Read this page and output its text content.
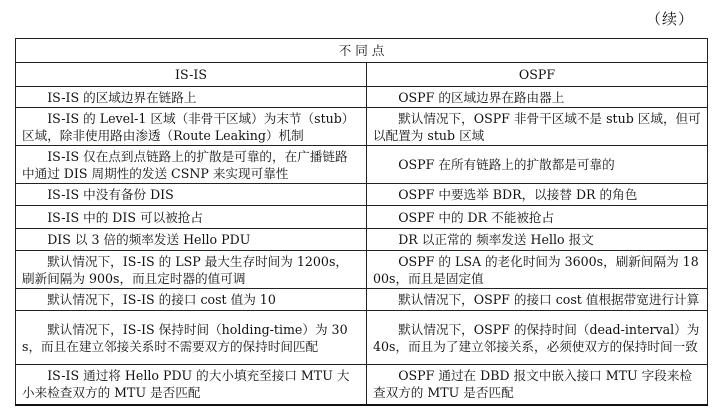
（续）
不 同 点	
IS-IS	OSPF
IS-IS 的区域边界在链路上	OSPF 的区域边界在路由器上
IS-IS 的 Level-1 区域（非骨干区域）为末节（stub）区域，除非使用路由渗透（Route Leaking）机制	默认情况下，OSPF 非骨干区域不是 stub 区域，但可以配置为 stub 区域
IS-IS 仅在点到点链路上的扩散是可靠的，在广播链路中通过 DIS 周期性的发送 CSNP 来实现可靠性	OSPF 在所有链路上的扩散都是可靠的
IS-IS 中没有备份 DIS	OSPF 中要选举 BDR，以接替 DR 的角色
IS-IS 中的 DIS 可以被抢占	OSPF 中的 DR 不能被抢占
DIS 以 3 倍的频率发送 Hello PDU	DR 以正常的 频率发送 Hello 报文
默认情况下，IS-IS 的 LSP 最大生存时间为 1200s，刷新间隔为 900s，而且定时器的值可调	OSPF 的 LSA 的老化时间为 3600s，刷新间隔为 1800s，而且是固定值
默认情况下，IS-IS 的接口 cost 值为 10	默认情况下，OSPF 的接口 cost 值根据带宽进行计算
默认情况下，IS-IS 保持时间（holding-time）为 30s，而且在建立邻接关系时不需要双方的保持时间匹配	默认情况下，OSPF 的保持时间（dead-interval）为 40s，而且为了建立邻接关系，必须使双方的保持时间一致
IS-IS 通过将 Hello PDU 的大小填充至接口 MTU 大小来检查双方的 MTU 是否匹配	OSPF 通过在 DBD 报文中嵌入接口 MTU 字段来检查双方的 MTU 是否匹配
